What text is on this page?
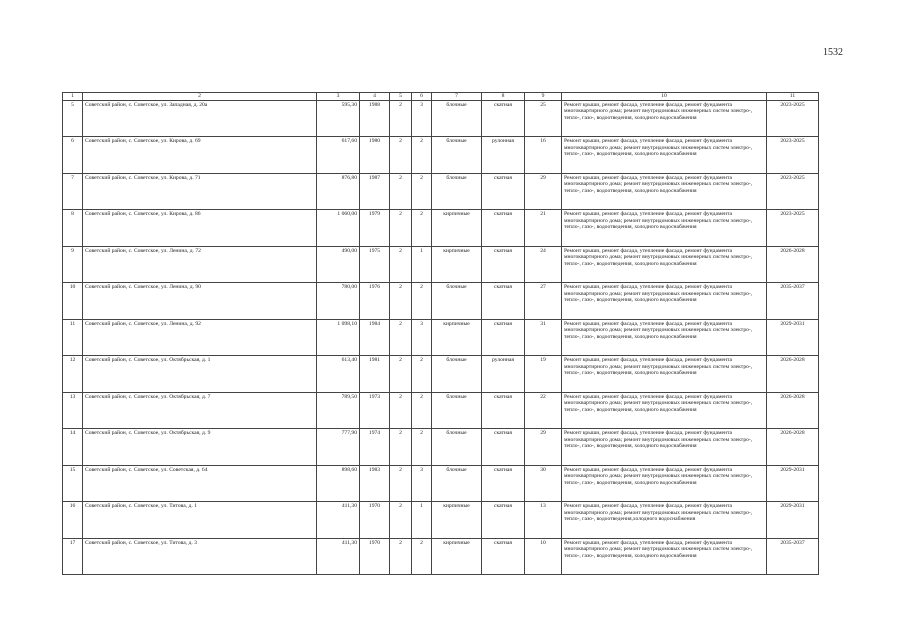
1532
1	2	3	4	5	6	7	8	9	10	11
5	Советский район, с. Советское, ул. Западная, д. 20а	595,30	1988	2	3	блочные	скатная	25	Ремонт крыши, ремонт фасада, утепление фасада, ремонт фундамента многоквартирного дома; ремонт внутридомовых инженерных систем электро-, тепло-, газо-, водоотведения, холодного водоснабжения	2023-2025
6	Советский район, с. Советское, ул. Кирова, д. 69	617,60	1980	2	2	блочные	рулонная	16	Ремонт крыши, ремонт фасада, утепление фасада, ремонт фундамента многоквартирного дома; ремонт внутридомовых инженерных систем электро-, тепло-, газо-, водоотведения, холодного водоснабжения	2023-2025
7	Советский район, с. Советское, ул. Кирова, д. 71	876,80	1987	2	2	блочные	скатная	29	Ремонт крыши, ремонт фасада, утепление фасада, ремонт фундамента многоквартирного дома; ремонт внутридомовых инженерных систем электро-, тепло-, газо-, водоотведения, холодного водоснабжения	2023-2025
8	Советский район, с. Советское, ул. Кирова, д. 86	1 060,00	1979	2	2	кирпичные	скатная	21	Ремонт крыши, ремонт фасада, утепление фасада, ремонт фундамента многоквартирного дома; ремонт внутридомовых инженерных систем электро-, тепло-, газо-, водоотведения, холодного водоснабжения	2023-2025
9	Советский район, с. Советское, ул. Ленина, д. 72	490,00	1975	2	1	кирпичные	скатная	24	Ремонт крыши, ремонт фасада, утепление фасада, ремонт фундамента многоквартирного дома; ремонт внутридомовых инженерных систем электро-, тепло-, газо-, водоотведения, холодного водоснабжения	2026-2028
10	Советский район, с. Советское, ул. Ленина, д. 90	780,00	1976	2	2	блочные	скатная	27	Ремонт крыши, ремонт фасада, утепление фасада, ремонт фундамента многоквартирного дома; ремонт внутридомовых инженерных систем электро-, тепло-, газо-, водоотведения, холодного водоснабжения	2035-2037
11	Советский район, с. Советское, ул. Ленина, д. 92	1 098,10	1984	2	3	кирпичные	скатная	31	Ремонт крыши, ремонт фасада, утепление фасада, ремонт фундамента многоквартирного дома; ремонт внутридомовых инженерных систем электро-, тепло-, газо-, водоотведения, холодного водоснабжения	2029-2031
12	Советский район, с. Советское, ул. Октябрьская, д. 1	613,40	1981	2	2	блочные	рулонная	19	Ремонт крыши, ремонт фасада, утепление фасада, ремонт фундамента многоквартирного дома; ремонт внутридомовых инженерных систем электро-, тепло-, газо-, водоотведения, холодного водоснабжения	2026-2028
13	Советский район, с. Советское, ул. Октябрьская, д. 7	789,50	1973	2	2	блочные	скатная	22	Ремонт крыши, ремонт фасада, утепление фасада, ремонт фундамента многоквартирного дома; ремонт внутридомовых инженерных систем электро-, тепло-, газо-, водоотведения, холодного водоснабжения	2026-2028
14	Советский район, с. Советское, ул. Октябрьская, д. 9	777,90	1974	2	2	блочные	скатная	29	Ремонт крыши, ремонт фасада, утепление фасада, ремонт фундамента многоквартирного дома; ремонт внутридомовых инженерных систем электро-, тепло-, газо-, водоотведения, холодного водоснабжения	2026-2028
15	Советский район, с. Советское, ул. Советская, д. 64	898,60	1983	2	3	блочные	скатная	30	Ремонт крыши, ремонт фасада, утепление фасада, ремонт фундамента многоквартирного дома; ремонт внутридомовых инженерных систем электро-, тепло-, газо-, водоотведения, холодного водоснабжения	2029-2031
16	Советский район, с. Советское, ул. Титова, д. 1	411,30	1970	2	1	кирпичные	скатная	13	Ремонт крыши, ремонт фасада, утепление фасада, ремонт фундамента многоквартирного дома; ремонт внутридомовых инженерных систем электро-, тепло-, газо-, водоотведения,холодного водоснабжения	2029-2031
17	Советский район, с. Советское, ул. Титова, д. 3	411,30	1970	2	2	кирпичные	скатная	10	Ремонт крыши, ремонт фасада, утепление фасада, ремонт фундамента многоквартирного дома; ремонт внутридомовых инженерных систем электро-, тепло-, газо-, водоотведения, холодного водоснабжения	2035-2037
